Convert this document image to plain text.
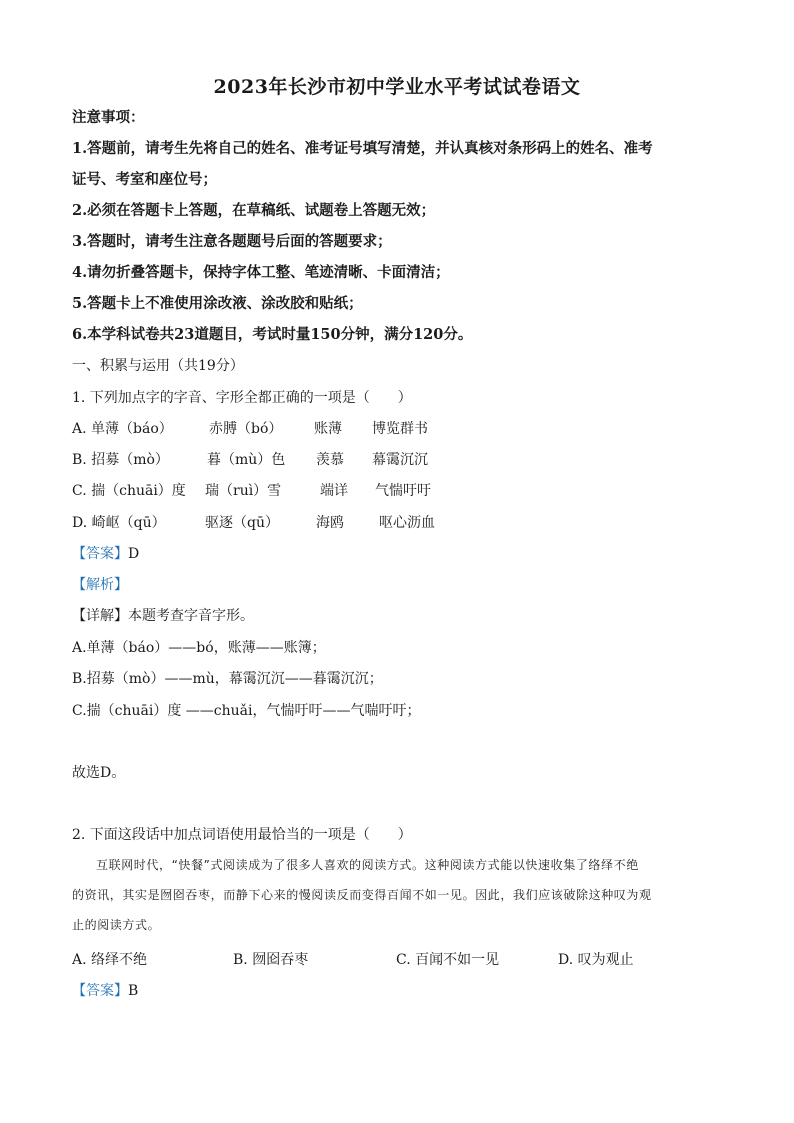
2023年长沙市初中学业水平考试试卷语文
注意事项：
1.答题前，请考生先将自己的姓名、准考证号填写清楚，并认真核对条形码上的姓名、准考
证号、考室和座位号；
2.必须在答题卡上答题，在草稿纸、试题卷上答题无效；
3.答题时，请考生注意各题题号后面的答题要求；
4.请勿折叠答题卡，保持字体工整、笔迹清晰、卡面清洁；
5.答题卡上不准使用涂改液、涂改胶和贴纸；
6.本学科试卷共23道题目，考试时量150分钟，满分120分。
一、积累与运用（共19分）
1. 下列加点字的字音、字形全都正确的一项是（　　）
A. 单薄（báo）	赤膊（bó） 账薄 博览群书
B. 招募（mò）	暮（mù）色 羡慕 幕霭沉沉
C. 揣（chuāi）度 瑞（ruì）雪	端详 气惴吁吁
D. 崎岖（qū）	驱逐（qū）	海鸥	呕心沥血
【答案】D
【解析】
【详解】本题考查字音字形。
A.单薄（báo）——bó，账薄——账簿；
B.招募（mò）——mù，幕霭沉沉——暮霭沉沉；
C.揣（chuāi）度 ——chuǎi，气惴吁吁——气喘吁吁；
故选D。
2. 下面这段话中加点词语使用最恰当的一项是（　　）

互联网时代，“快餐”式阅读成为了很多人喜欢的阅读方式。这种阅读方式能以快速收集了络绎不绝

的资讯，其实是囫囵吞枣，而静下心来的慢阅读反而变得百闻不如一见。因此，我们应该破除这种叹为观
止的阅读方式。
A. 络绎不绝	B. 囫囵吞枣	C. 百闻不如一见	D. 叹为观止
【答案】B
